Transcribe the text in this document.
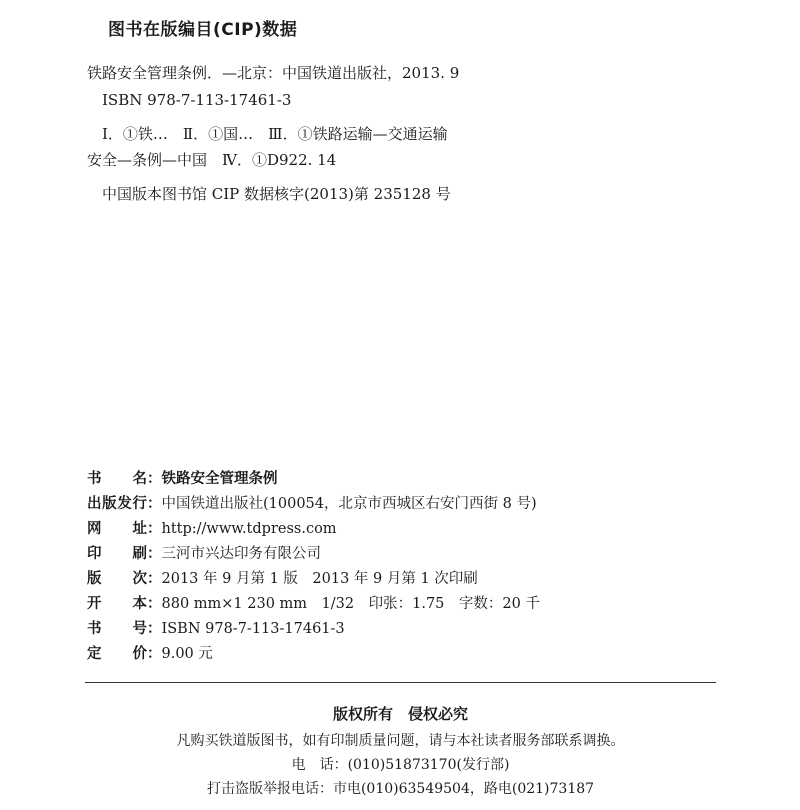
图书在版编目(CIP)数据
铁路安全管理条例．—北京：中国铁道出版社，2013. 9
ISBN 978-7-113-17461-3
Ⅰ．①铁…　Ⅱ．①国…　Ⅲ．①铁路运输—交通运输
安全—条例—中国　Ⅳ．①D922. 14
中国版本图书馆 CIP 数据核字(2013)第 235128 号
书　　名 ： 铁路安全管理条例
出版发行 ： 中国铁道出版社(100054，北京市西城区右安门西街 8 号)
网　　址 ： http://www.tdpress.com
印　　刷 ： 三河市兴达印务有限公司
版　　次 ： 2013 年 9 月第 1 版　2013 年 9 月第 1 次印刷
开　　本 ： 880 mm×1 230 mm　1/32　印张：1.75　字数：20 千
书　　号 ： ISBN 978-7-113-17461-3
定　　价 ： 9.00 元
版权所有　侵权必究
凡购买铁道版图书，如有印制质量问题，请与本社读者服务部联系调换。
电　话：(010)51873170(发行部)
打击盗版举报电话：市电(010)63549504，路电(021)73187
